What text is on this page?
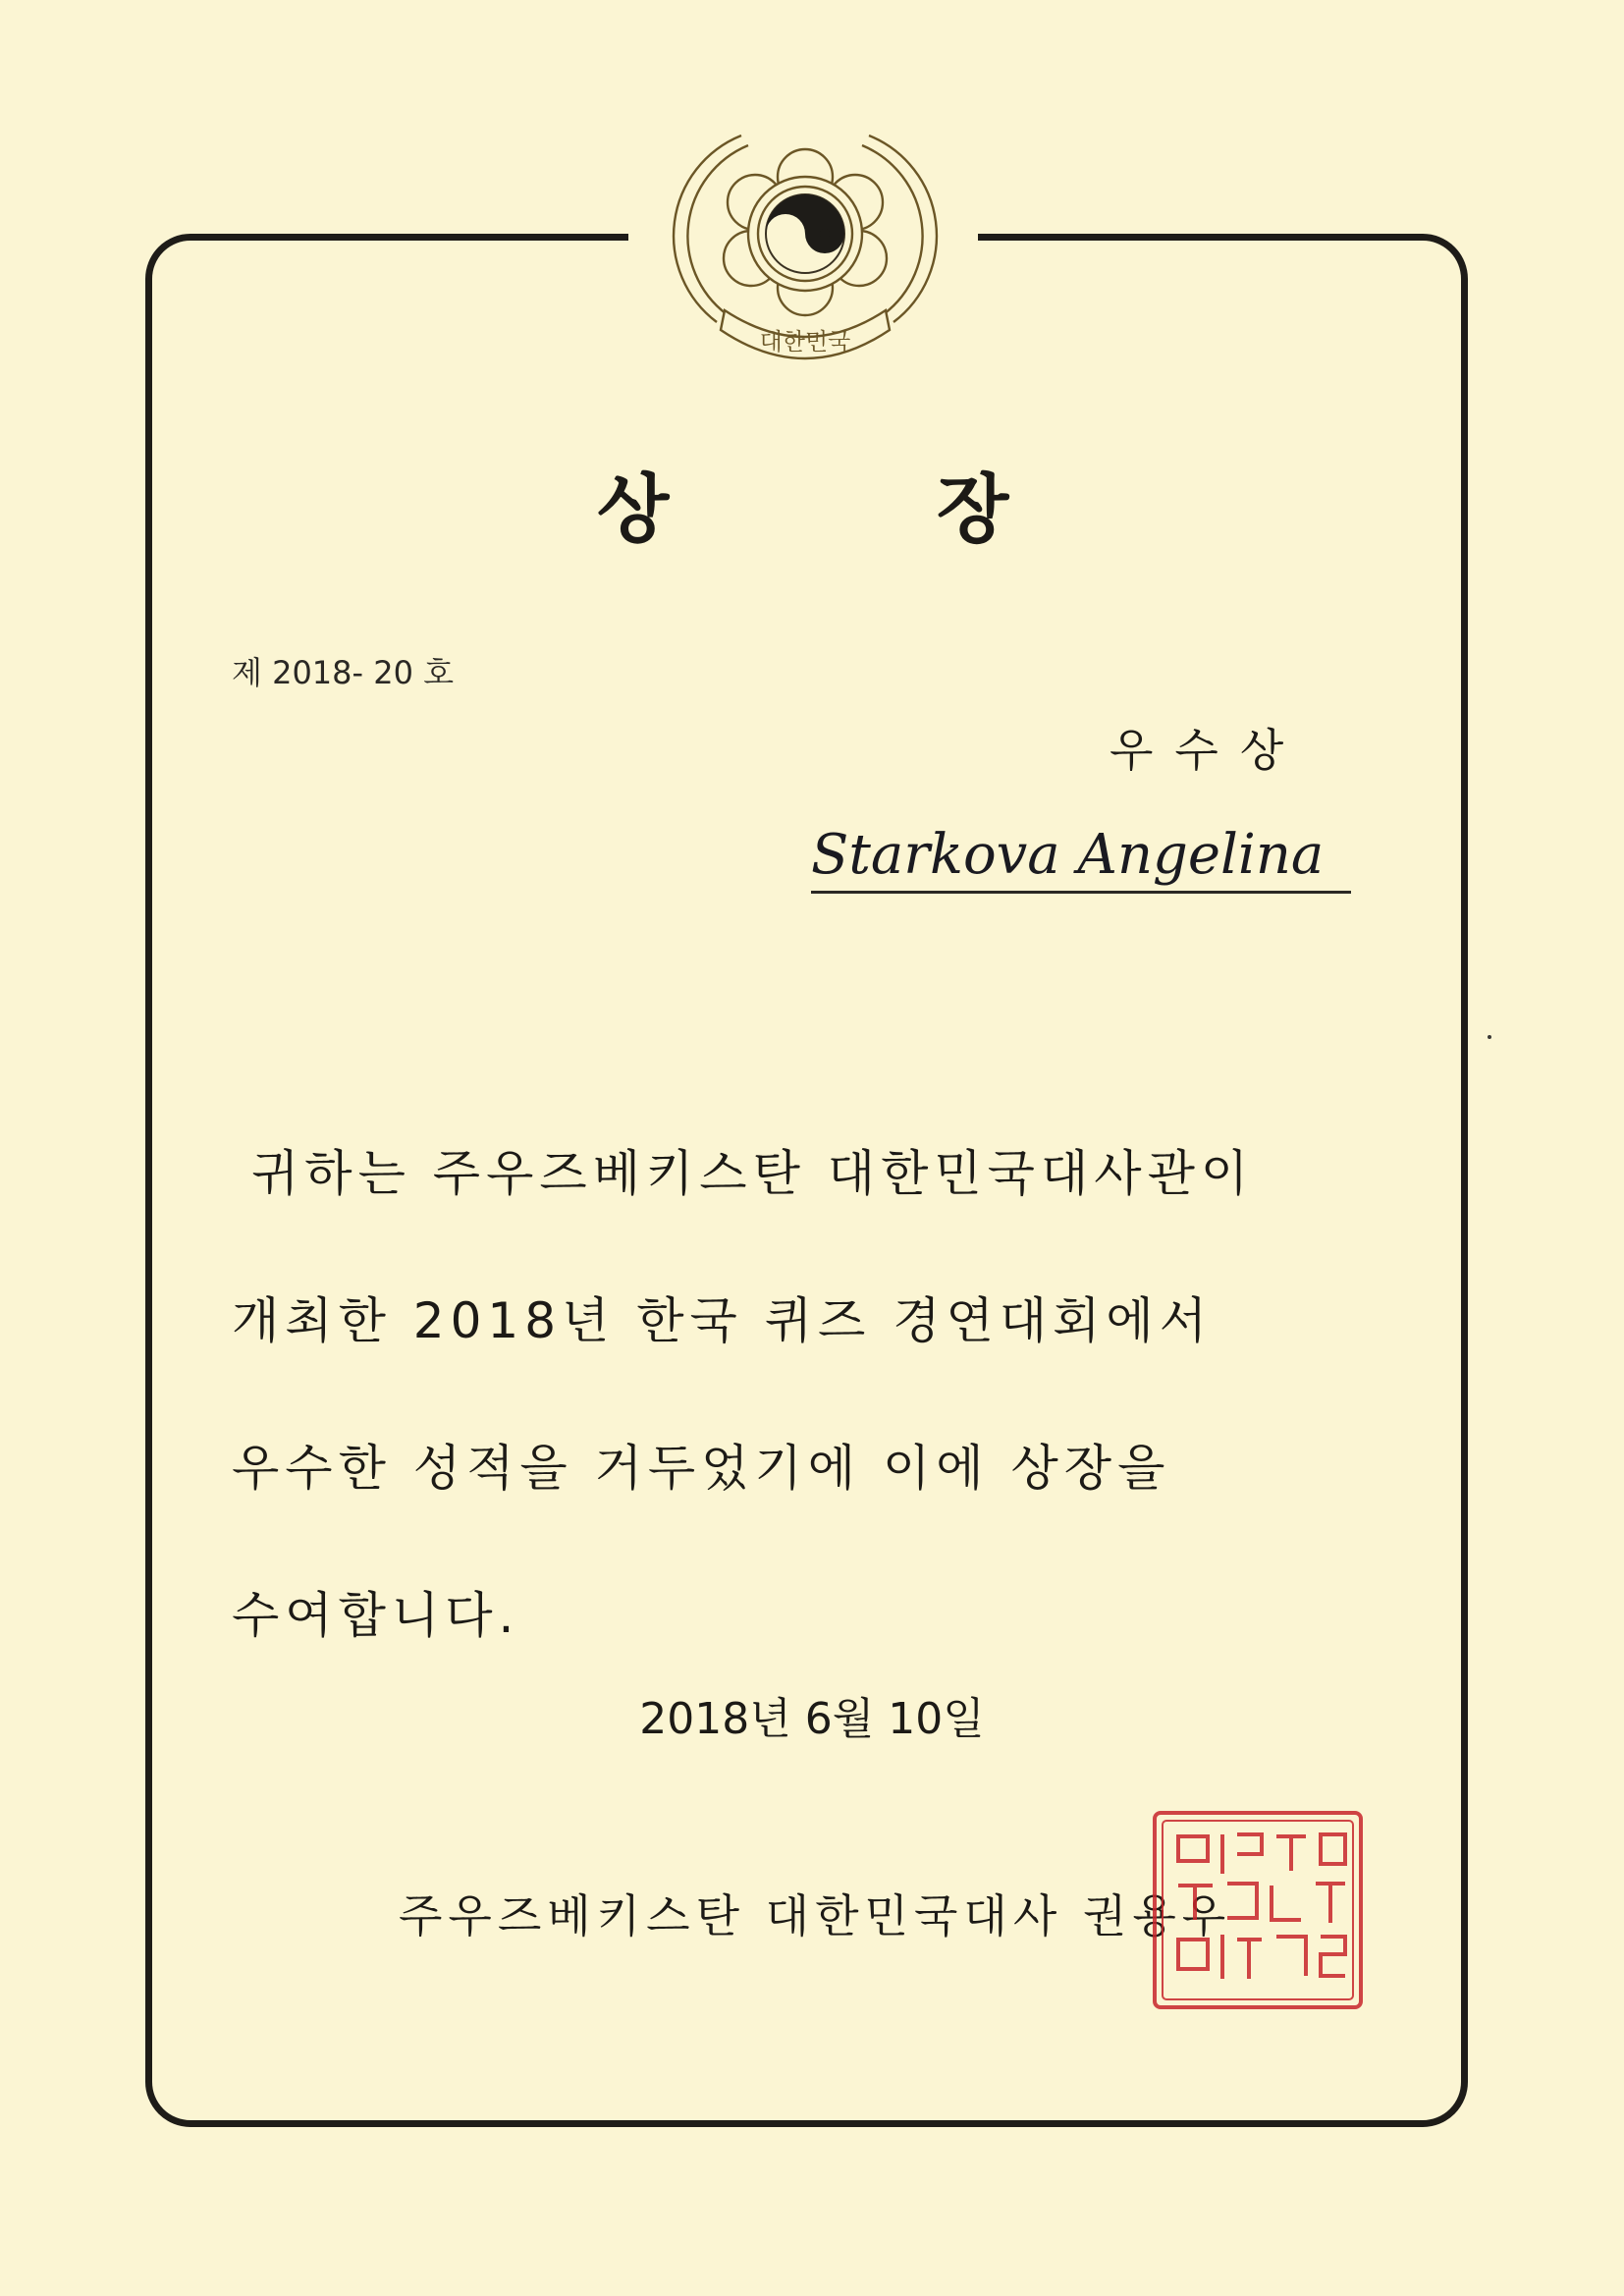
대한민국
상	장
제 2018- 20 호
우수상
Starkova Angelina
귀하는 주우즈베키스탄 대한민국대사관이
개최한 2018년 한국 퀴즈 경연대회에서
우수한 성적을 거두었기에 이에 상장을
수여합니다.
2018년 6월 10일
주우즈베키스탄 대한민국대사 권용우
